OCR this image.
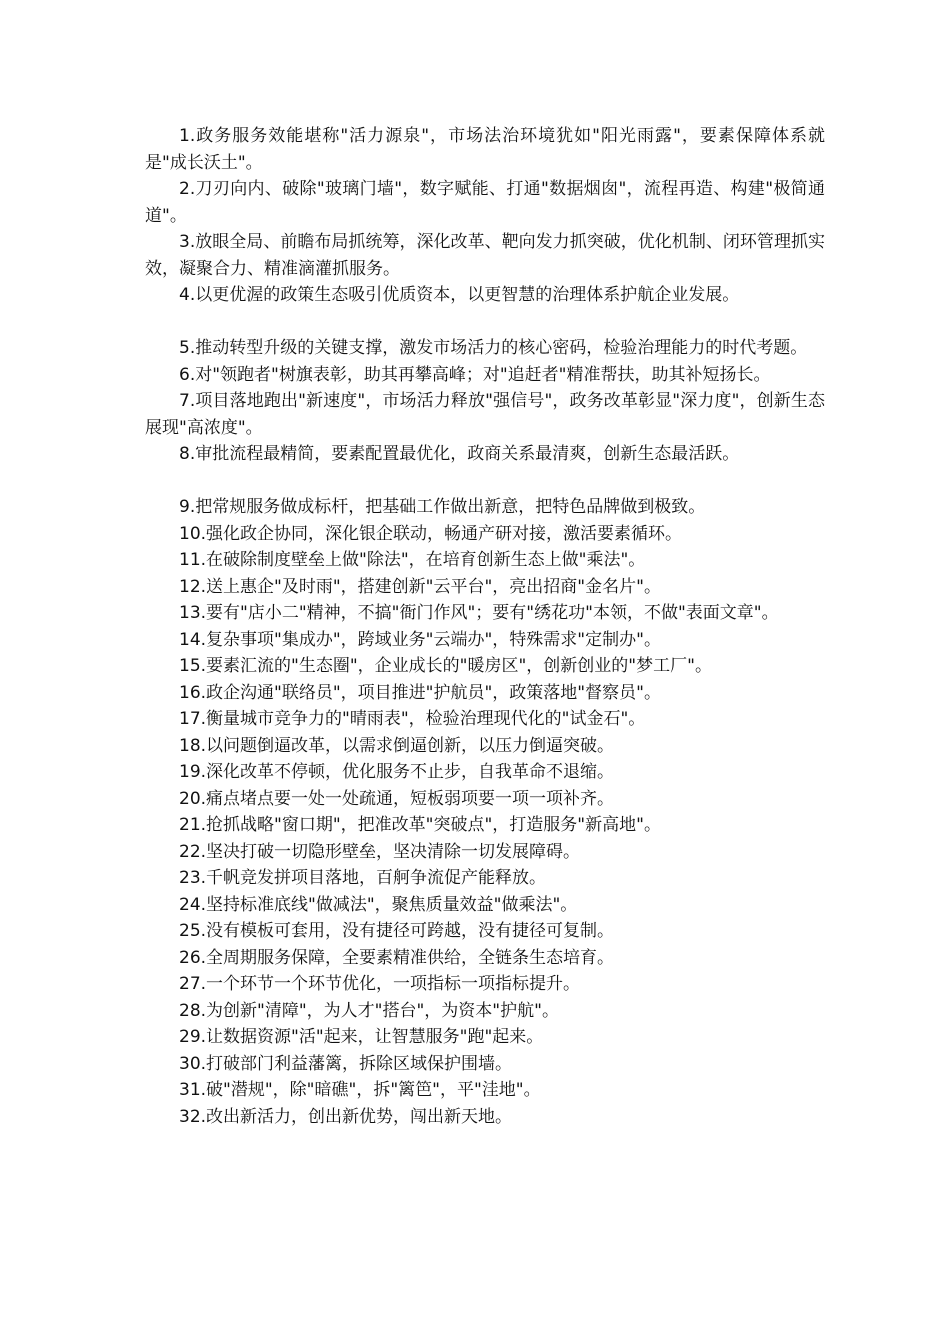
1.政务服务效能堪称"活力源泉"，市场法治环境犹如"阳光雨露"，要素保障体系就是"成长沃土"。

2.刀刃向内、破除"玻璃门墙"，数字赋能、打通"数据烟囱"，流程再造、构建"极简通道"。

3.放眼全局、前瞻布局抓统筹，深化改革、靶向发力抓突破，优化机制、闭环管理抓实效，凝聚合力、精准滴灌抓服务。

4.以更优渥的政策生态吸引优质资本，以更智慧的治理体系护航企业发展。

5.推动转型升级的关键支撑，激发市场活力的核心密码，检验治理能力的时代考题。

6.对"领跑者"树旗表彰，助其再攀高峰；对"追赶者"精准帮扶，助其补短扬长。

7.项目落地跑出"新速度"，市场活力释放"强信号"，政务改革彰显"深力度"，创新生态展现"高浓度"。

8.审批流程最精简，要素配置最优化，政商关系最清爽，创新生态最活跃。

9.把常规服务做成标杆，把基础工作做出新意，把特色品牌做到极致。

10.强化政企协同，深化银企联动，畅通产研对接，激活要素循环。

11.在破除制度壁垒上做"除法"，在培育创新生态上做"乘法"。

12.送上惠企"及时雨"，搭建创新"云平台"，亮出招商"金名片"。

13.要有"店小二"精神，不搞"衙门作风"；要有"绣花功"本领，不做"表面文章"。

14.复杂事项"集成办"，跨域业务"云端办"，特殊需求"定制办"。

15.要素汇流的"生态圈"，企业成长的"暖房区"，创新创业的"梦工厂"。

16.政企沟通"联络员"，项目推进"护航员"，政策落地"督察员"。

17.衡量城市竞争力的"晴雨表"，检验治理现代化的"试金石"。

18.以问题倒逼改革，以需求倒逼创新，以压力倒逼突破。

19.深化改革不停顿，优化服务不止步，自我革命不退缩。

20.痛点堵点要一处一处疏通，短板弱项要一项一项补齐。

21.抢抓战略"窗口期"，把准改革"突破点"，打造服务"新高地"。

22.坚决打破一切隐形壁垒，坚决清除一切发展障碍。

23.千帆竞发拼项目落地，百舸争流促产能释放。

24.坚持标准底线"做减法"，聚焦质量效益"做乘法"。

25.没有模板可套用，没有捷径可跨越，没有捷径可复制。

26.全周期服务保障，全要素精准供给，全链条生态培育。

27.一个环节一个环节优化，一项指标一项指标提升。

28.为创新"清障"，为人才"搭台"，为资本"护航"。

29.让数据资源"活"起来，让智慧服务"跑"起来。

30.打破部门利益藩篱，拆除区域保护围墙。

31.破"潜规"，除"暗礁"，拆"篱笆"，平"洼地"。

32.改出新活力，创出新优势，闯出新天地。
